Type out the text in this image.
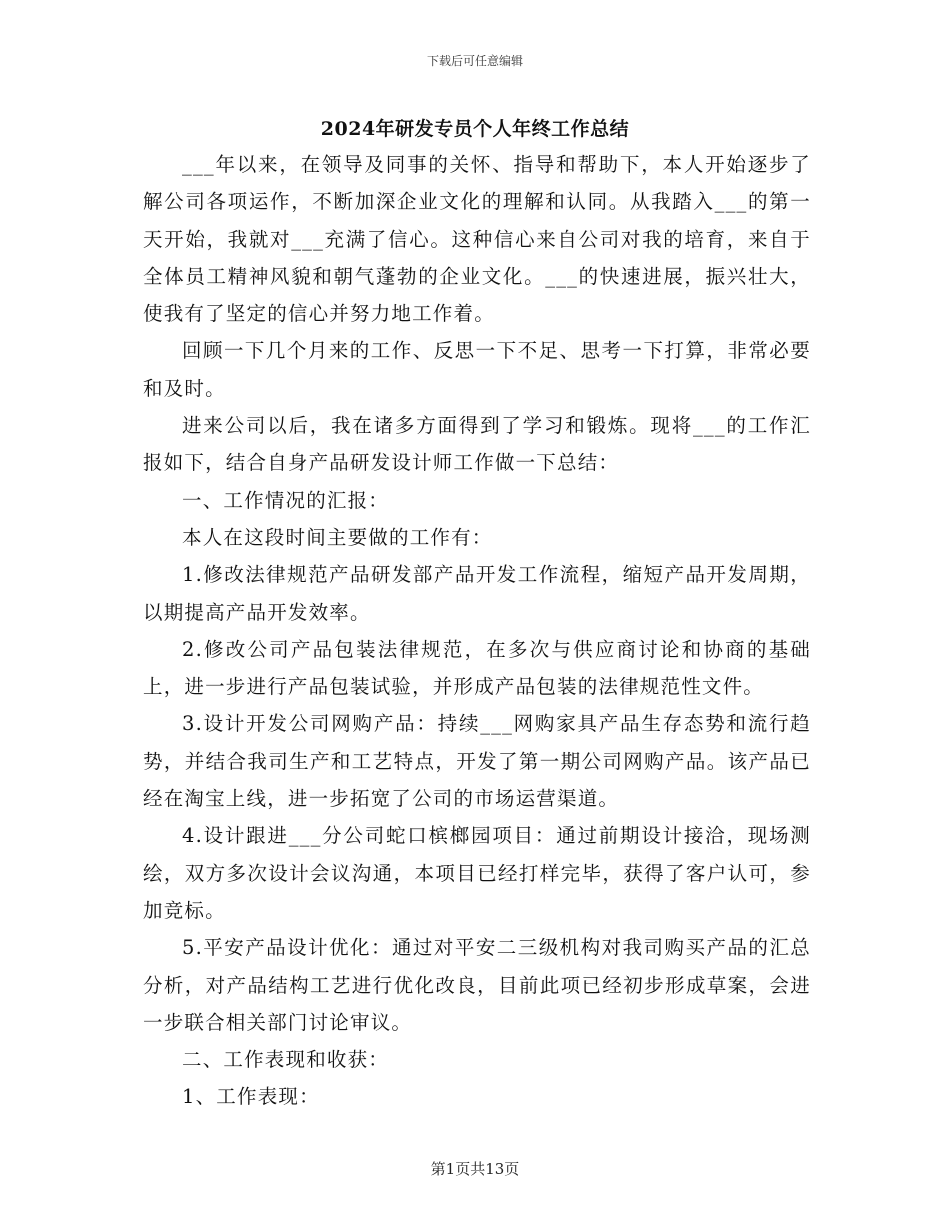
下载后可任意编辑
2024年研发专员个人年终工作总结

___年以来，在领导及同事的关怀、指导和帮助下，本人开始逐步了解公司各项运作，不断加深企业文化的理解和认同。从我踏入___的第一天开始，我就对___充满了信心。这种信心来自公司对我的培育，来自于全体员工精神风貌和朝气蓬勃的企业文化。___的快速进展，振兴壮大，使我有了坚定的信心并努力地工作着。

回顾一下几个月来的工作、反思一下不足、思考一下打算，非常必要和及时。

进来公司以后，我在诸多方面得到了学习和锻炼。现将___的工作汇报如下，结合自身产品研发设计师工作做一下总结：

一、工作情况的汇报：

本人在这段时间主要做的工作有：

1.修改法律规范产品研发部产品开发工作流程，缩短产品开发周期，以期提高产品开发效率。

2.修改公司产品包装法律规范，在多次与供应商讨论和协商的基础上，进一步进行产品包装试验，并形成产品包装的法律规范性文件。

3.设计开发公司网购产品：持续___网购家具产品生存态势和流行趋势，并结合我司生产和工艺特点，开发了第一期公司网购产品。该产品已经在淘宝上线，进一步拓宽了公司的市场运营渠道。

4.设计跟进___分公司蛇口槟榔园项目：通过前期设计接洽，现场测绘，双方多次设计会议沟通，本项目已经打样完毕，获得了客户认可，参加竞标。

5.平安产品设计优化：通过对平安二三级机构对我司购买产品的汇总分析，对产品结构工艺进行优化改良，目前此项已经初步形成草案，会进一步联合相关部门讨论审议。

二、工作表现和收获：

1、工作表现：

第1页共13页
